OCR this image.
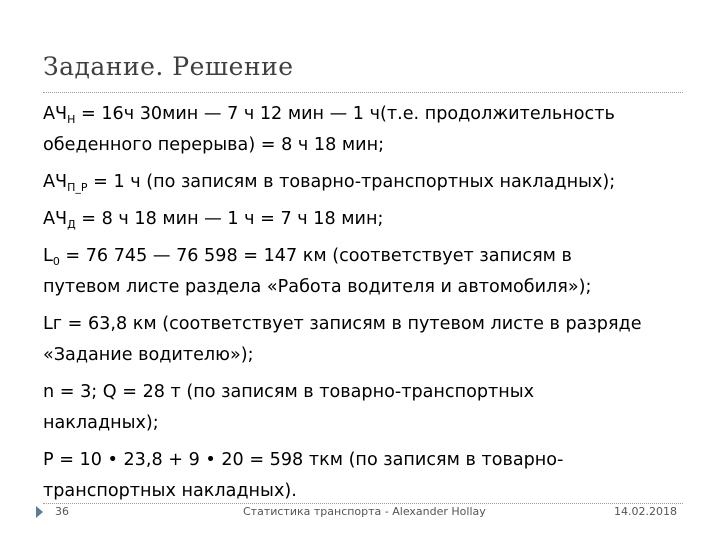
Задание. Решение

$АЧ_Н = 16ч$ 30мин — 7 ч 12 мин — 1 ч(т.е. продолжительность
обеденного перерыва) = 8 ч 18 мин;

$АЧ_{П\_Р} = 1$ ч (по записям в товарно-транспортных накладных);

$АЧ_Д = 8$ ч 18 мин — 1 ч = 7 ч 18 мин;

$L_0 = 76$ 745 — 76 598 = 147 км (соответствует записям в
путевом листе раздела «Работа водителя и автомобиля»);

Lг = 63,8 км (соответствует записям в путевом листе в разряде
«Задание водителю»);

n = 3; Q = 28 т (по записям в товарно-транспортных
накладных);

Р = 10 • 23,8 + 9 • 20 = 598 ткм (по записям в товарно-
транспортных накладных).

36	Статистика транспорта - Alexander Hollay	14.02.2018
